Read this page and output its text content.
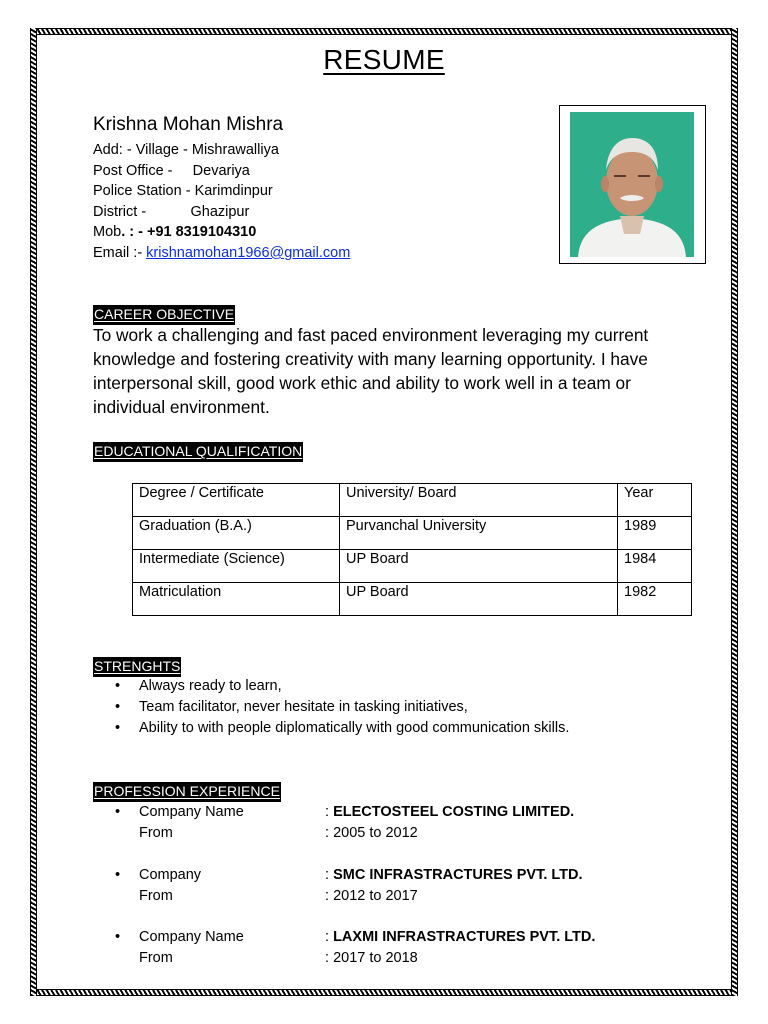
RESUME
Krishna Mohan Mishra
Add: - Village - Mishrawalliya
Post Office -     Devariya
Police Station - Karimdinpur
District -           Ghazipur
Mob. : - +91 8319104310
Email :- krishnamohan1966@gmail.com
CAREER OBJECTIVE
To work a challenging and fast paced environment leveraging my current knowledge and fostering creativity with many learning opportunity. I have interpersonal skill, good work ethic and ability to work well in a team or individual environment.
EDUCATIONAL QUALIFICATION
Degree / Certificate	University/ Board	Year
Graduation (B.A.)	Purvanchal University	1989
Intermediate (Science)	UP Board	1984
Matriculation	UP Board	1982
STRENGHTS
• Always ready to learn,
• Team facilitator, never hesitate in tasking initiatives,
• Ability to with people diplomatically with good communication skills.
PROFESSION EXPERIENCE
• Company Name	: ELECTOSTEEL COSTING LIMITED.
From	: 2005 to 2012
• Company	: SMC INFRASTRACTURES PVT. LTD.
From	: 2012 to 2017
• Company Name	: LAXMI INFRASTRACTURES PVT. LTD.
From	: 2017 to 2018
